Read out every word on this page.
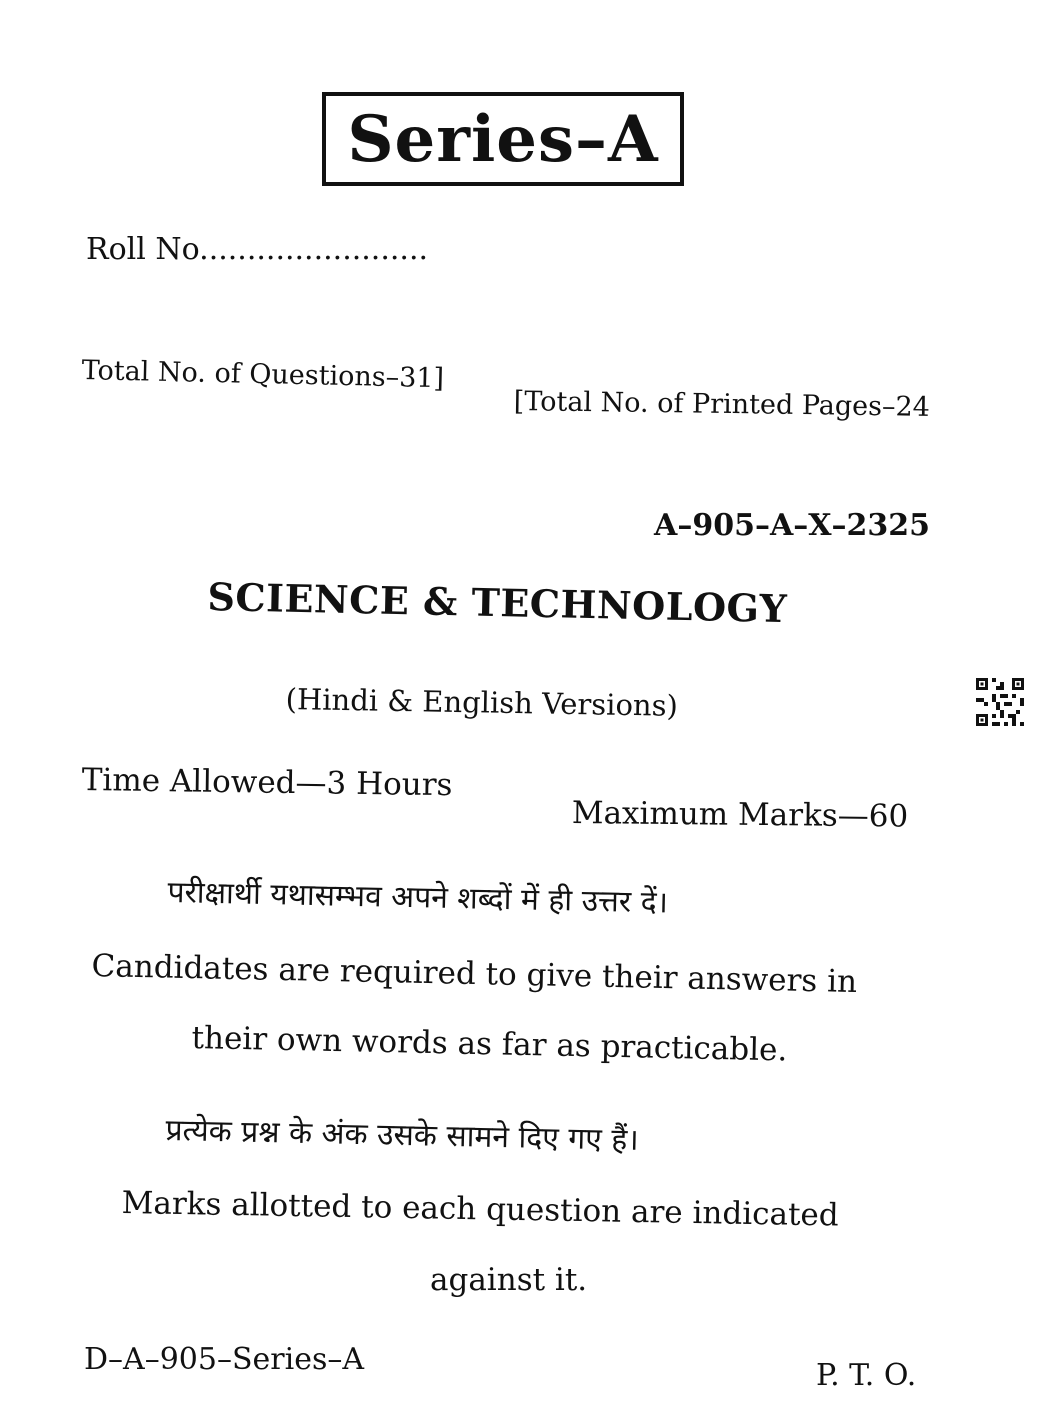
Series–A
Roll No........................
Total No. of Questions–31]
[Total No. of Printed Pages–24
A–905–A–X–2325
SCIENCE & TECHNOLOGY
(Hindi & English Versions)
Time Allowed—3 Hours
Maximum Marks—60
परीक्षार्थी यथासम्भव अपने शब्दों में ही उत्तर दें।
Candidates are required to give their answers in
their own words as far as practicable.
प्रत्येक प्रश्न के अंक उसके सामने दिए गए हैं।
Marks allotted to each question are indicated
against it.
D–A–905–Series–A	P. T. O.
